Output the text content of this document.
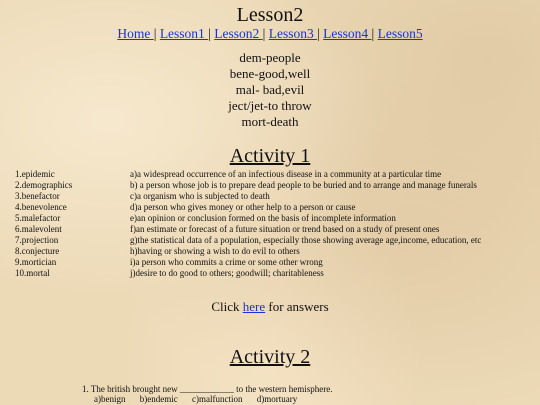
Lesson2
Home | Lesson1 | Lesson2 | Lesson3 | Lesson4 | Lesson5
dem-people
bene-good,well
mal- bad,evil
ject/jet-to throw
mort-death
Activity 1
1.epidemic	a)a widespread occurrence of an infectious disease in a community at a particular time
2.demographics	b) a person whose job is to prepare dead people to be buried and to arrange and manage funerals
3.benefactor	c)a organism who is subjected to death
4.benevolence	d)a person who gives money or other help to a person or cause
5.malefactor	e)an opinion or conclusion formed on the basis of incomplete information
6.malevolent	f)an estimate or forecast of a future situation or trend based on a study of present ones
7.projection	g)the statistical data of a population, especially those showing average age,income, education, etc
8.conjecture	h)having or showing a wish to do evil to others
9.mortician	i)a person who commits a crime or some other wrong
10.mortal	j)desire to do good to others; goodwill; charitableness
Click here for answers
Activity 2
1. The british brought new ____________ to the western hemisphere.
a)benign b)endemic c)malfunction d)mortuary
